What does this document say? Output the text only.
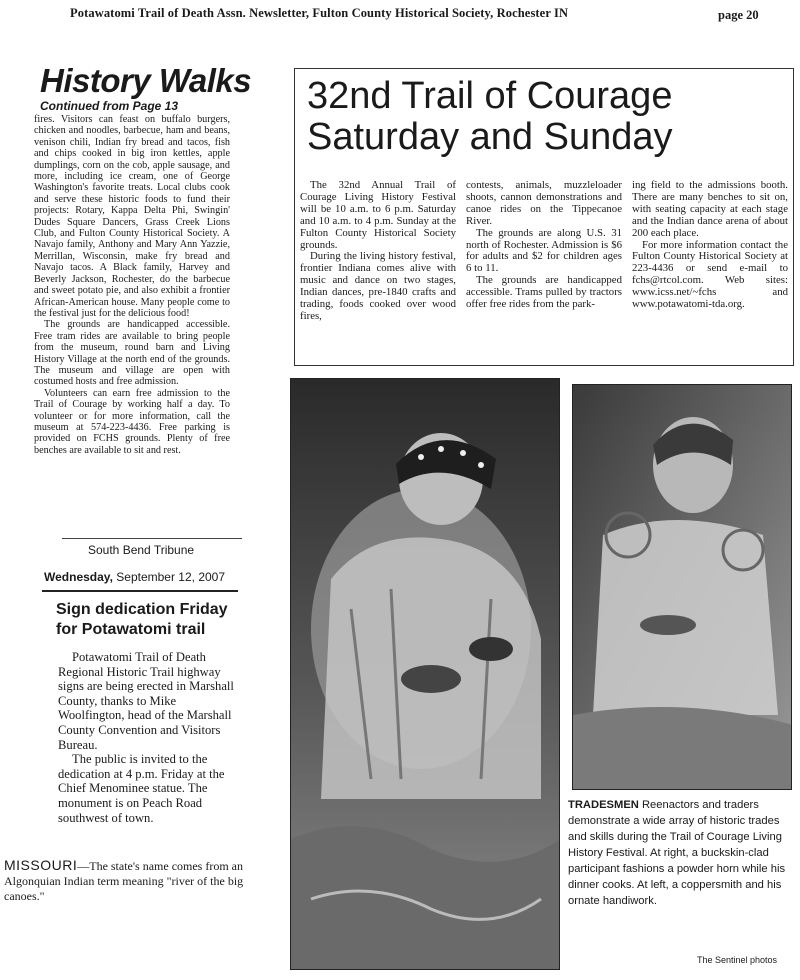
Potawatomi Trail of Death Assn. Newsletter, Fulton County Historical Society, Rochester IN	page 20
History Walks
Continued from Page 13

fires. Visitors can feast on buffalo burgers, chicken and noodles, barbecue, ham and beans, venison chili, Indian fry bread and tacos, fish and chips cooked in big iron kettles, apple dumplings, corn on the cob, apple sausage, and more, including ice cream, one of George Washington's favorite treats. Local clubs cook and serve these historic foods to fund their projects: Rotary, Kappa Delta Phi, Swingin' Dudes Square Dancers, Grass Creek Lions Club, and Fulton County Historical Society. A Navajo family, Anthony and Mary Ann Yazzie, Merrillan, Wisconsin, make fry bread and Navajo tacos. A Black family, Harvey and Beverly Jackson, Rochester, do the barbecue and sweet potato pie, and also exhibit a frontier African-American house. Many people come to the festival just for the delicious food!

The grounds are handicapped accessible. Free tram rides are available to bring people from the museum, round barn and Living History Village at the north end of the grounds. The museum and village are open with costumed hosts and free admission.

Volunteers can earn free admission to the Trail of Courage by working half a day. To volunteer or for more information, call the museum at 574-223-4436. Free parking is provided on FCHS grounds. Plenty of free benches are available to sit and rest.

32nd Trail of Courage Saturday and Sunday

The 32nd Annual Trail of Courage Living History Festival will be 10 a.m. to 6 p.m. Saturday and 10 a.m. to 4 p.m. Sunday at the Fulton County Historical Society grounds.

During the living history festival, frontier Indiana comes alive with music and dance on two stages, Indian dances, pre-1840 crafts and trading, foods cooked over wood fires,

contests, animals, muzzleloader shoots, cannon demonstrations and canoe rides on the Tippecanoe River.

The grounds are along U.S. 31 north of Rochester. Admission is $6 for adults and $2 for children ages 6 to 11.

The grounds are handicapped accessible. Trams pulled by tractors offer free rides from the park-

ing field to the admissions booth. There are many benches to sit on, with seating capacity at each stage and the Indian dance arena of about 200 each place.

For more information contact the Fulton County Historical Society at 223-4436 or send e-mail to fchs@rtcol.com. Web sites: www.icss.net/~fchs and www.potawatomi-tda.org.

South Bend Tribune
Wednesday, September 12, 2007
Sign dedication Friday for Potawatomi trail

Potawatomi Trail of Death Regional Historic Trail highway signs are being erected in Marshall County, thanks to Mike Woolfington, head of the Marshall County Convention and Visitors Bureau.

The public is invited to the dedication at 4 p.m. Friday at the Chief Menominee statue. The monument is on Peach Road southwest of town.

MISSOURI—The state's name comes from an Algonquian Indian term meaning "river of the big canoes."
TRADESMEN Reenactors and traders demonstrate a wide array of historic trades and skills during the Trail of Courage Living History Festival. At right, a buckskin-clad participant fashions a powder horn while his dinner cooks. At left, a coppersmith and his ornate handiwork.
The Sentinel photos
